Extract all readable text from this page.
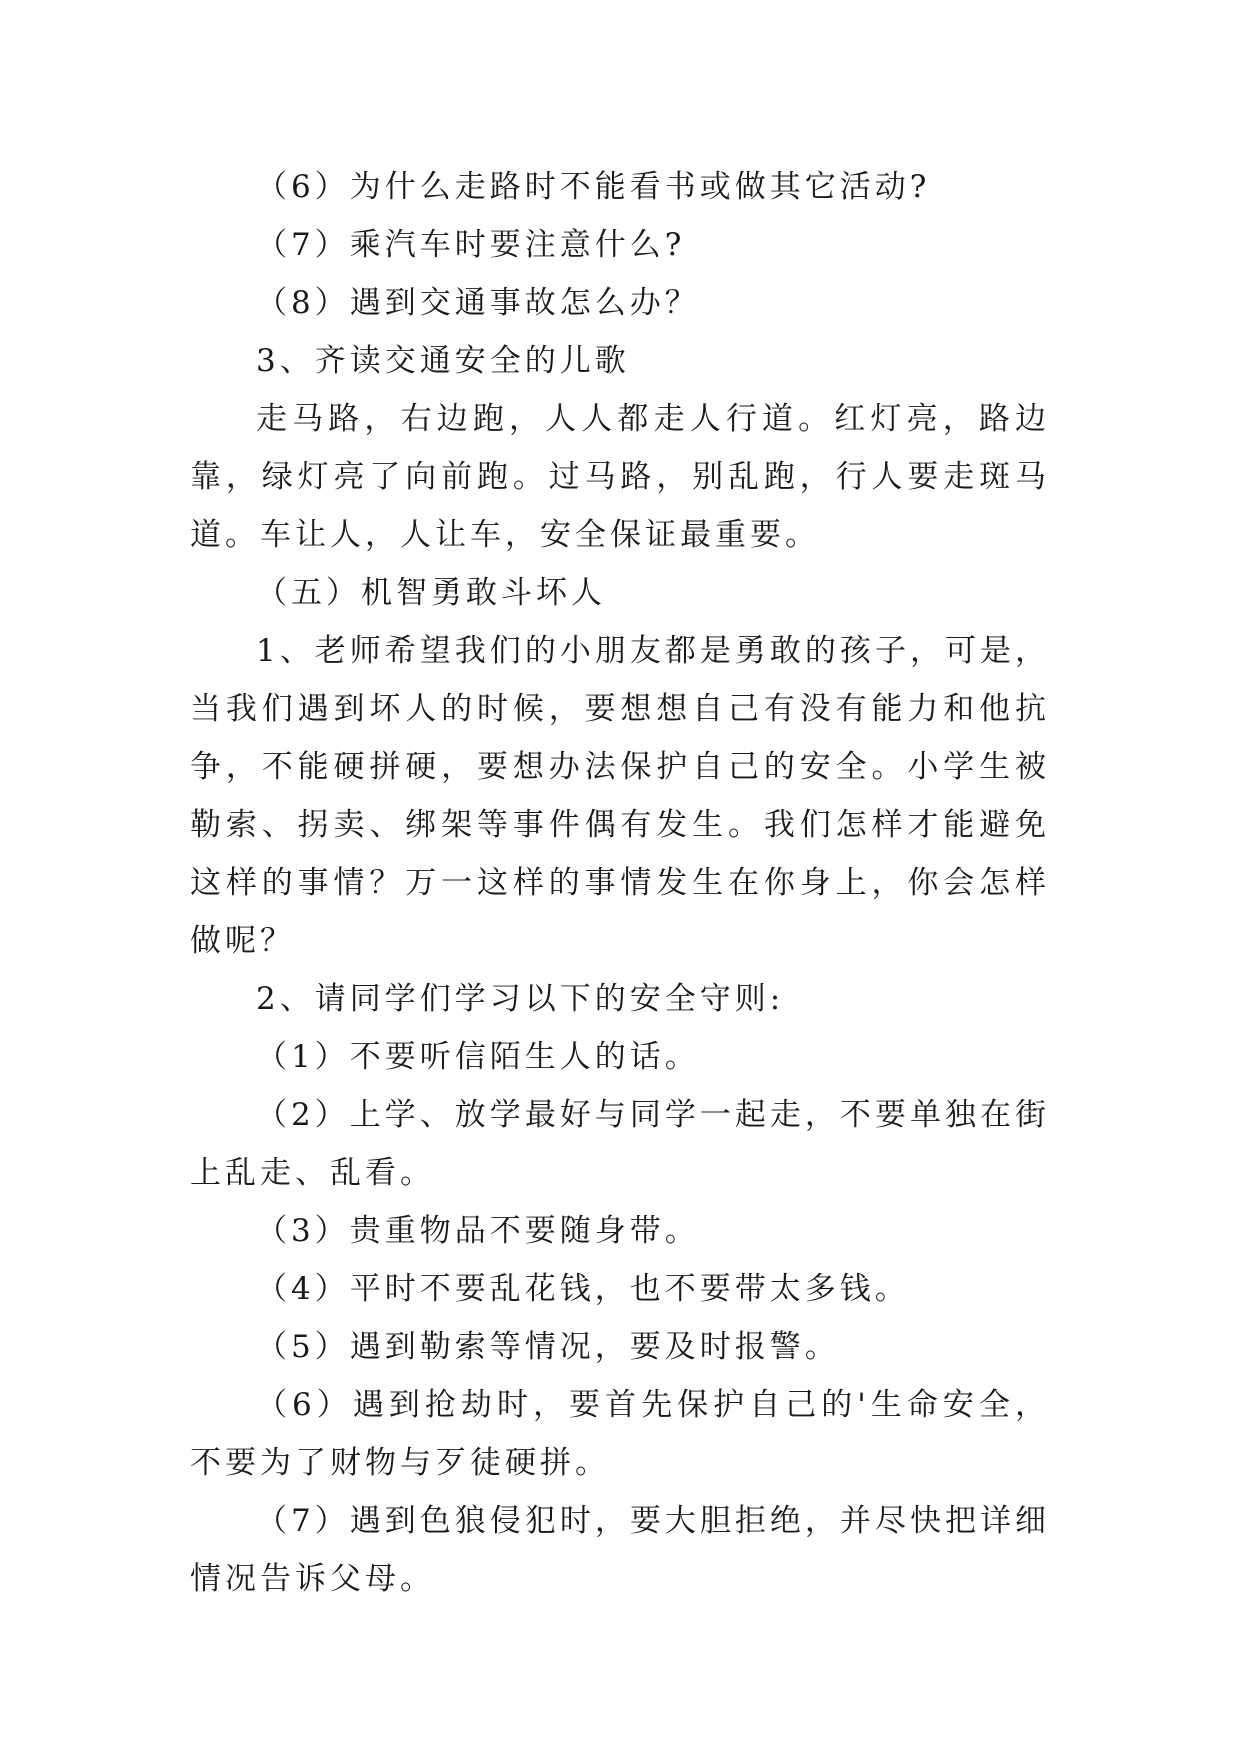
（6）为什么走路时不能看书或做其它活动?

（7）乘汽车时要注意什么?

（8）遇到交通事故怎么办？

3、齐读交通安全的儿歌

走马路，右边跑，人人都走人行道。红灯亮，路边靠，绿灯亮了向前跑。过马路，别乱跑，行人要走斑马道。车让人，人让车，安全保证最重要。

（五）机智勇敢斗坏人

1、老师希望我们的小朋友都是勇敢的孩子，可是，当我们遇到坏人的时候，要想想自己有没有能力和他抗争，不能硬拼硬，要想办法保护自己的安全。小学生被勒索、拐卖、绑架等事件偶有发生。我们怎样才能避免这样的事情？万一这样的事情发生在你身上，你会怎样做呢？

2、请同学们学习以下的安全守则:

（1）不要听信陌生人的话。

（2）上学、放学最好与同学一起走，不要单独在街上乱走、乱看。

（3）贵重物品不要随身带。

（4）平时不要乱花钱，也不要带太多钱。

（5）遇到勒索等情况，要及时报警。

（6）遇到抢劫时，要首先保护自己的'生命安全，不要为了财物与歹徒硬拼。

（7）遇到色狼侵犯时，要大胆拒绝，并尽快把详细情况告诉父母。
